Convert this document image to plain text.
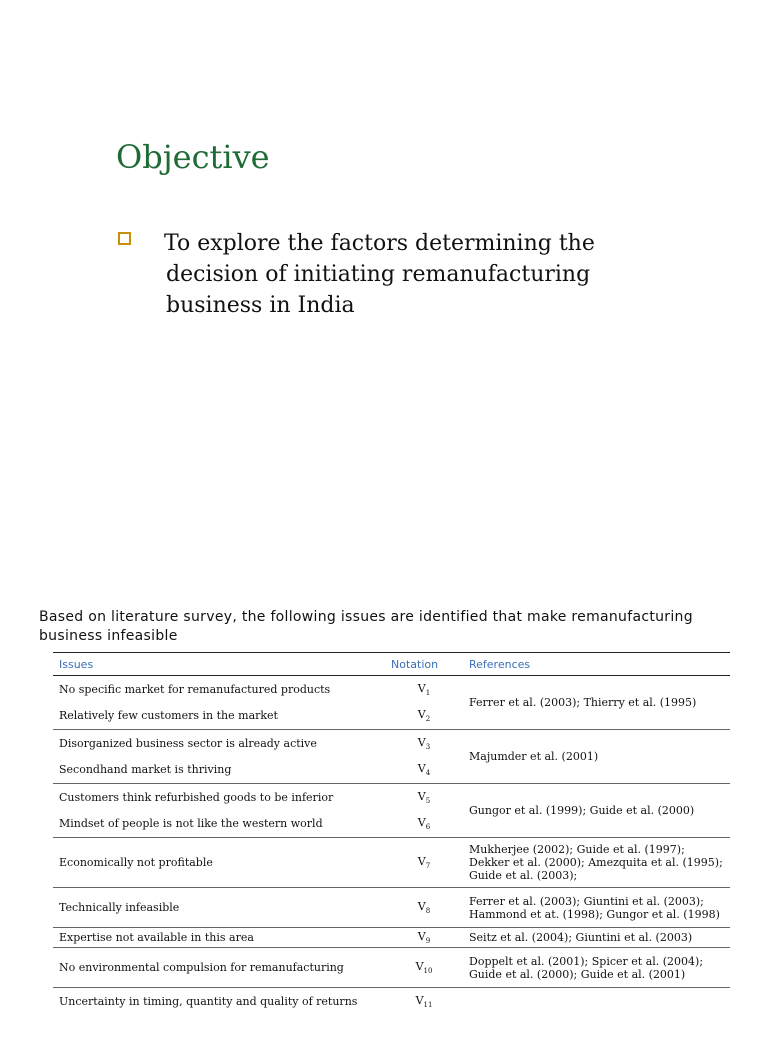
Objective

To explore the factors determining the decision of initiating remanufacturing business in India

Based on literature survey, the following issues are identified that make remanufacturing business infeasible
Issues	Notation	References
No specific market for remanufactured products	$V_1$	Ferrer et al. (2003); Thierry et al. (1995)
Relatively few customers in the market	$V_2$
Disorganized business sector is already active	$V_3$	Majumder et al. (2001)
Secondhand market is thriving	$V_4$
Customers think refurbished goods to be inferior	$V_5$	Gungor et al. (1999); Guide et al. (2000)
Mindset of people is not like the western world	$V_6$
Economically not profitable	$V_7$	Mukherjee (2002); Guide et al. (1997); Dekker et al. (2000); Amezquita et al. (1995); Guide et al. (2003);
Technically infeasible	$V_8$	Ferrer et al. (2003); Giuntini et al. (2003); Hammond et at. (1998); Gungor et al. (1998)
Expertise not available in this area	$V_9$	Seitz et al. (2004); Giuntini et al. (2003)
No environmental compulsion for remanufacturing	$V_{10}$	Doppelt et al. (2001); Spicer et al. (2004); Guide et al. (2000); Guide et al. (2001)
Uncertainty in timing, quantity and quality of returns	$V_{11}$	
